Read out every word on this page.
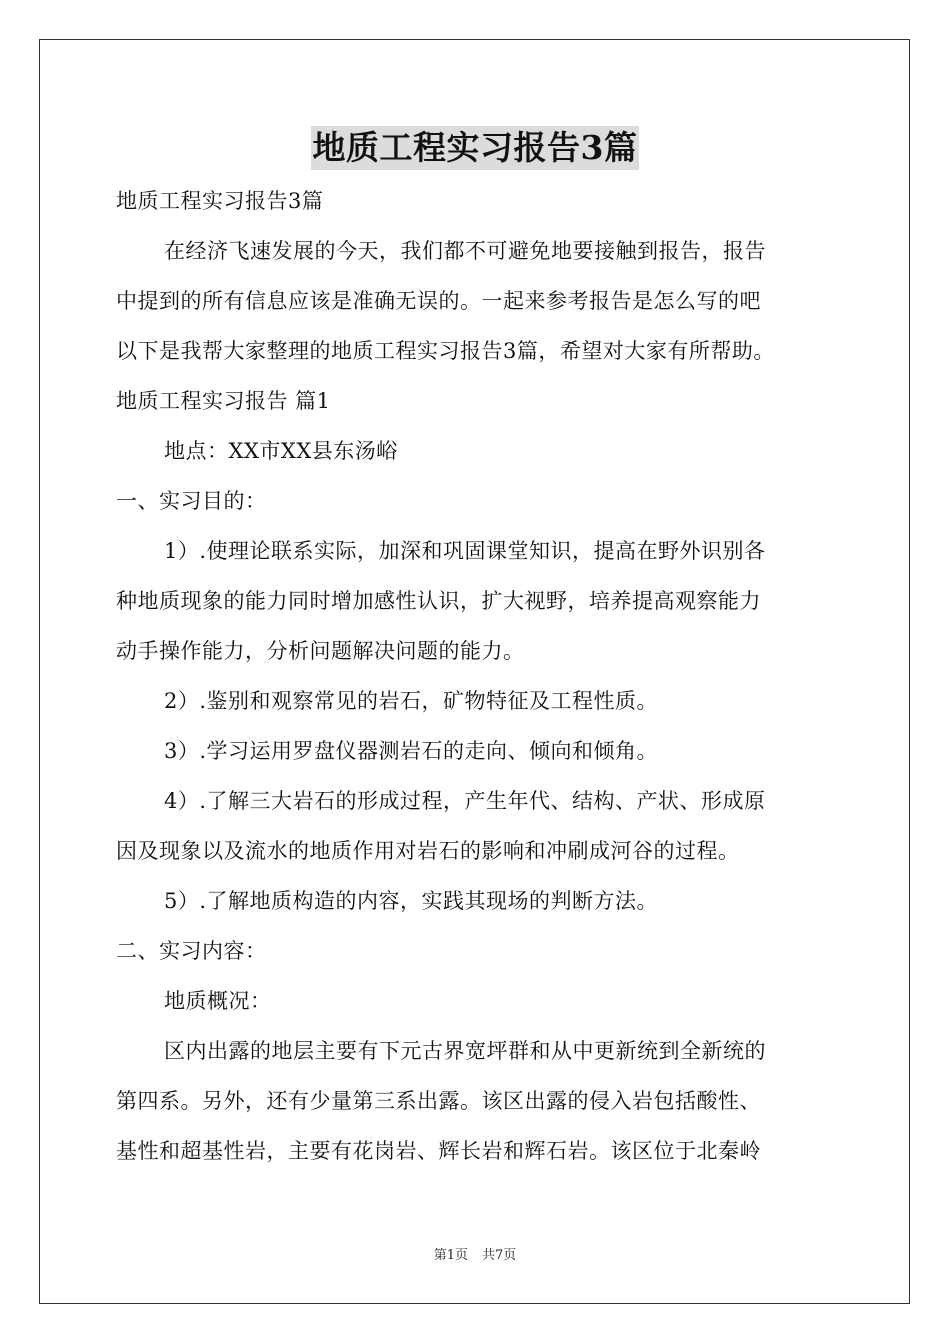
地质工程实习报告3篇
地质工程实习报告3篇
在经济飞速发展的今天，我们都不可避免地要接触到报告，报告
中提到的所有信息应该是准确无误的。一起来参考报告是怎么写的吧
以下是我帮大家整理的地质工程实习报告3篇，希望对大家有所帮助。
地质工程实习报告 篇1
地点：XX市XX县东汤峪
一、实习目的：
1）.使理论联系实际，加深和巩固课堂知识，提高在野外识别各
种地质现象的能力同时增加感性认识，扩大视野，培养提高观察能力
动手操作能力，分析问题解决问题的能力。
2）.鉴别和观察常见的岩石，矿物特征及工程性质。
3）.学习运用罗盘仪器测岩石的走向、倾向和倾角。
4）.了解三大岩石的形成过程，产生年代、结构、产状、形成原
因及现象以及流水的地质作用对岩石的影响和冲刷成河谷的过程。
5）.了解地质构造的内容，实践其现场的判断方法。
二、实习内容：
地质概况：
区内出露的地层主要有下元古界宽坪群和从中更新统到全新统的
第四系。另外，还有少量第三系出露。该区出露的侵入岩包括酸性、
基性和超基性岩，主要有花岗岩、辉长岩和辉石岩。该区位于北秦岭
第1页 共7页
